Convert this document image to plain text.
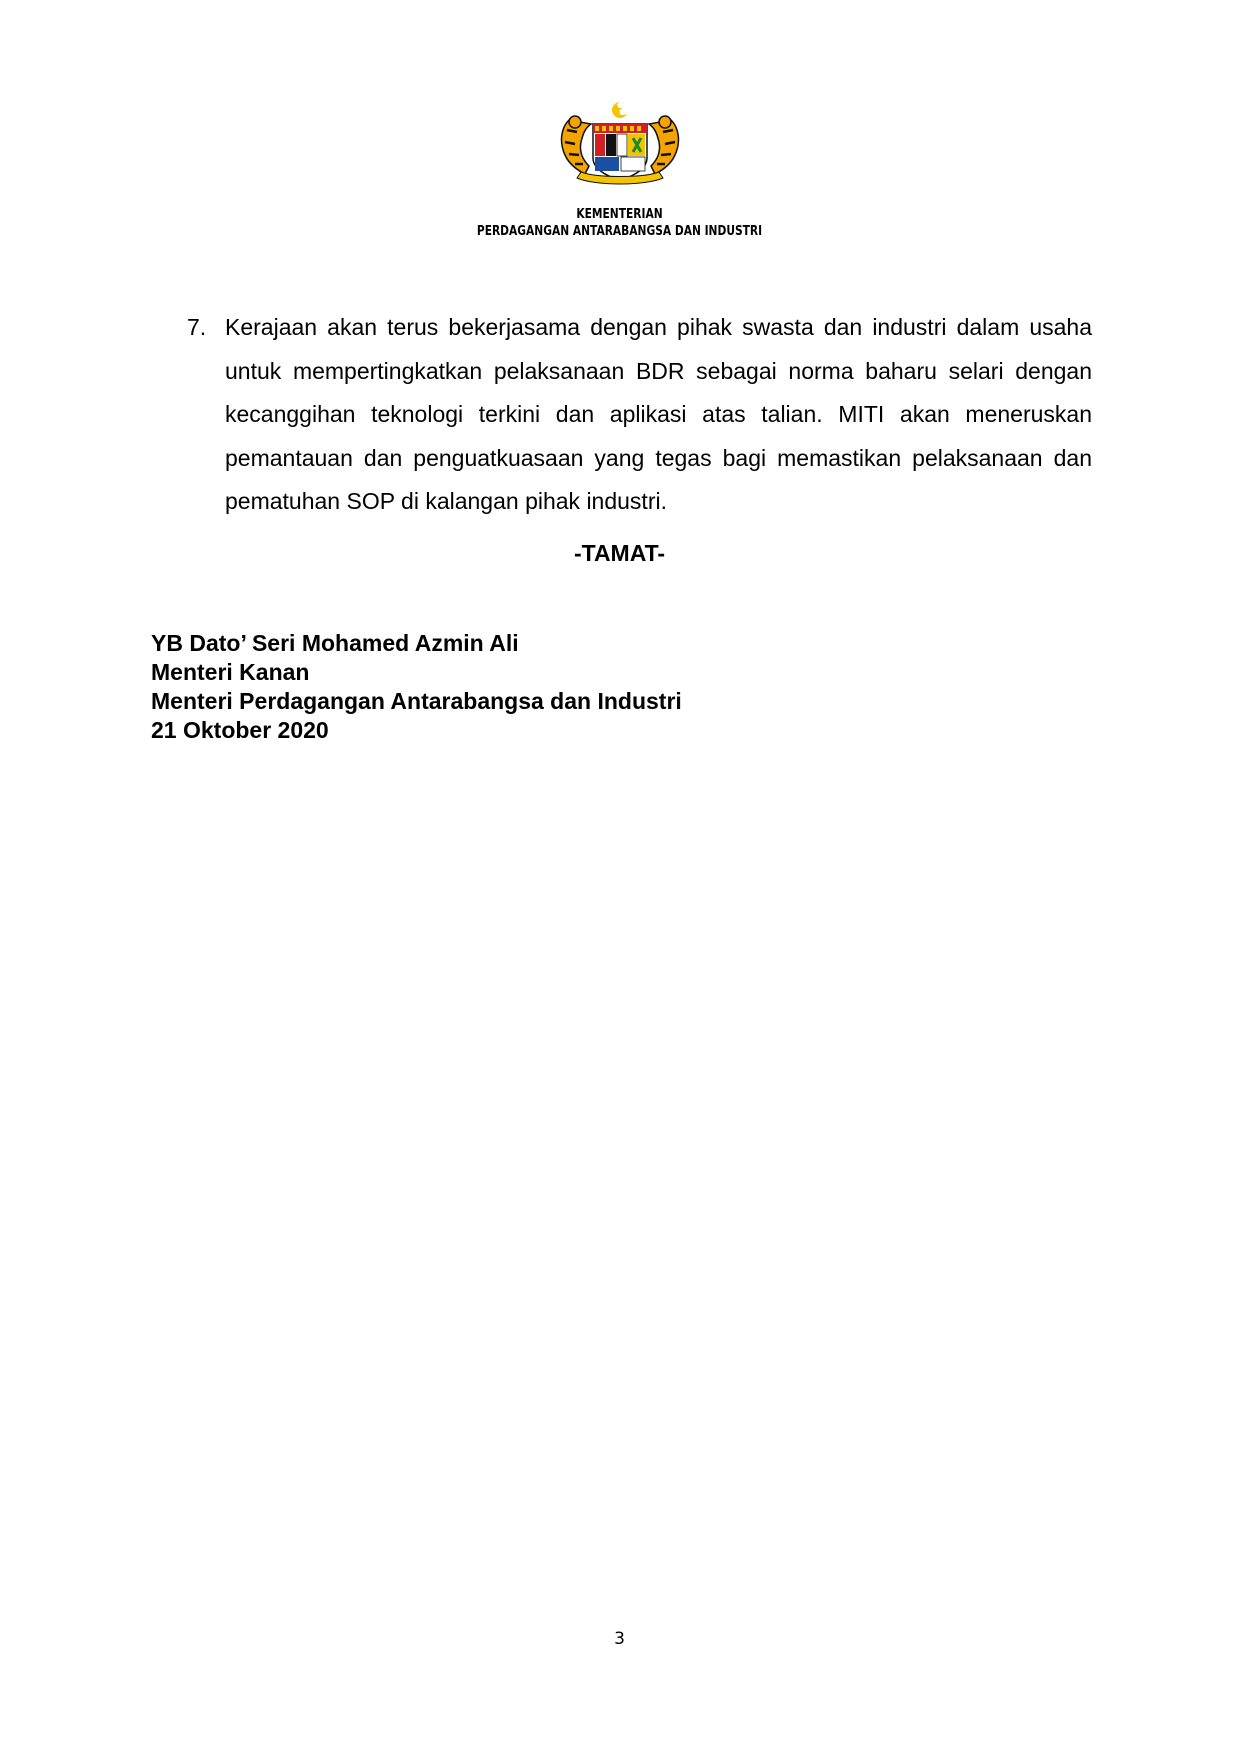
KEMENTERIAN
PERDAGANGAN ANTARABANGSA DAN INDUSTRI
7. Kerajaan akan terus bekerjasama dengan pihak swasta dan industri dalam usaha untuk mempertingkatkan pelaksanaan BDR sebagai norma baharu selari dengan kecanggihan teknologi terkini dan aplikasi atas talian. MITI akan meneruskan pemantauan dan penguatkuasaan yang tegas bagi memastikan pelaksanaan dan pematuhan SOP di kalangan pihak industri.
-TAMAT-
YB Dato’ Seri Mohamed Azmin Ali
Menteri Kanan
Menteri Perdagangan Antarabangsa dan Industri
21 Oktober 2020
3
